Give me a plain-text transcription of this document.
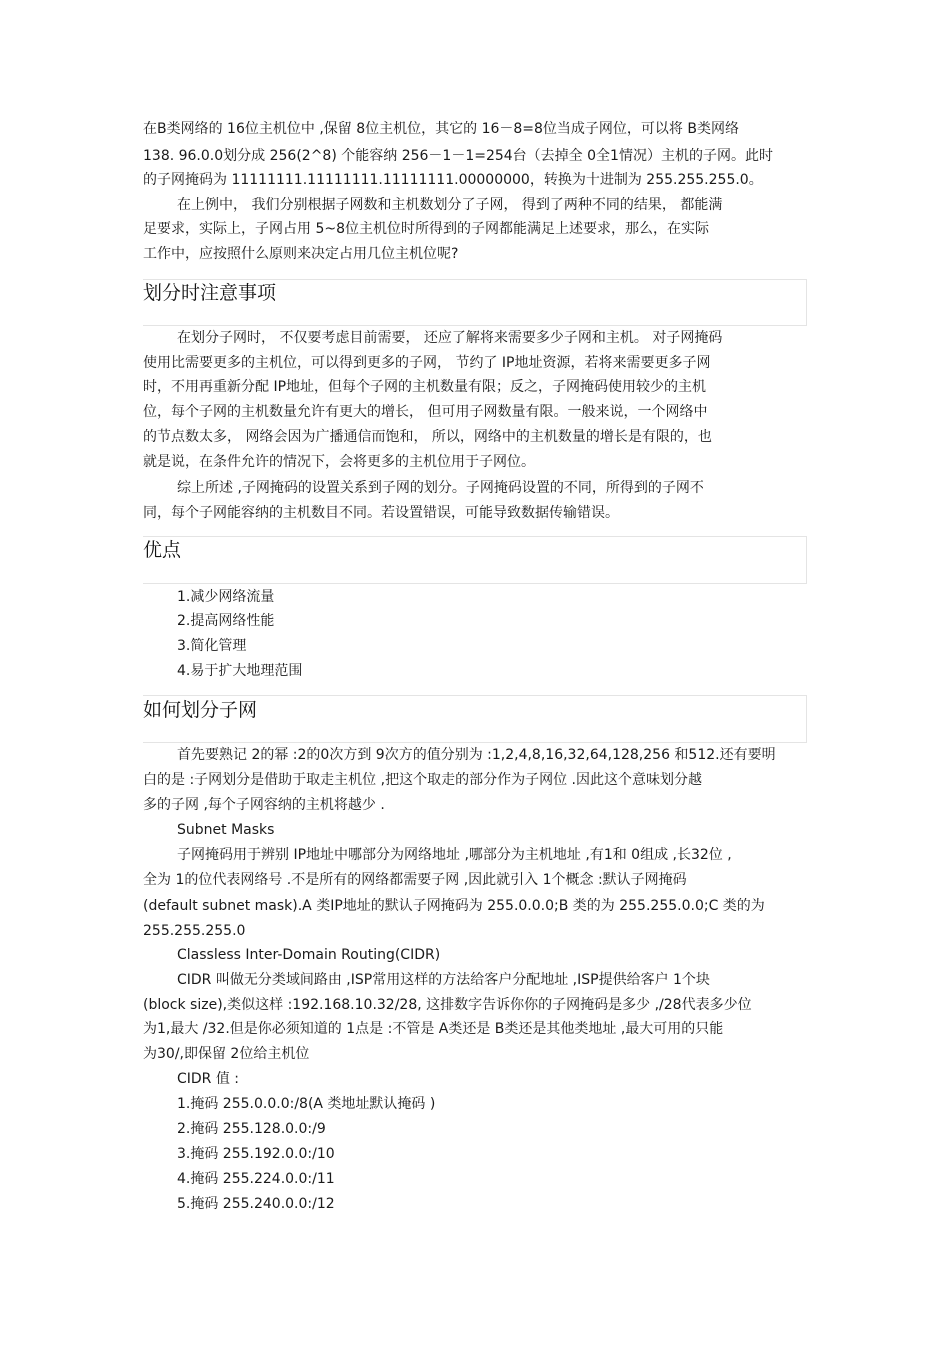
在B类网络的 16位主机位中 ,保留 8位主机位，其它的 16－8=8位当成子网位，可以将 B类网络
138. 96.0.0划分成 256(2^8) 个能容纳 256－1－1=254台（去掉全 0全1情况）主机的子网。此时
的子网掩码为 11111111.11111111.11111111.00000000，转换为十进制为 255.255.255.0。
在上例中， 我们分别根据子网数和主机数划分了子网， 得到了两种不同的结果， 都能满
足要求，实际上，子网占用 5~8位主机位时所得到的子网都能满足上述要求，那么，在实际
工作中，应按照什么原则来决定占用几位主机位呢?
划分时注意事项
在划分子网时， 不仅要考虑目前需要， 还应了解将来需要多少子网和主机。 对子网掩码
使用比需要更多的主机位，可以得到更多的子网， 节约了 IP地址资源，若将来需要更多子网
时，不用再重新分配 IP地址，但每个子网的主机数量有限；反之，子网掩码使用较少的主机
位，每个子网的主机数量允许有更大的增长， 但可用子网数量有限。一般来说，一个网络中
的节点数太多， 网络会因为广播通信而饱和， 所以，网络中的主机数量的增长是有限的，也
就是说，在条件允许的情况下，会将更多的主机位用于子网位。
综上所述 ,子网掩码的设置关系到子网的划分。子网掩码设置的不同，所得到的子网不
同，每个子网能容纳的主机数目不同。若设置错误，可能导致数据传输错误。
优点
1.减少网络流量
2.提高网络性能
3.简化管理
4.易于扩大地理范围
如何划分子网
首先要熟记 2的幂 :2的0次方到 9次方的值分别为 :1,2,4,8,16,32,64,128,256 和512.还有要明
白的是 :子网划分是借助于取走主机位 ,把这个取走的部分作为子网位 .因此这个意味划分越
多的子网 ,每个子网容纳的主机将越少 .
Subnet Masks
子网掩码用于辨别 IP地址中哪部分为网络地址 ,哪部分为主机地址 ,有1和 0组成 ,长32位 ,
全为 1的位代表网络号 .不是所有的网络都需要子网 ,因此就引入 1个概念 :默认子网掩码
(default subnet mask).A 类IP地址的默认子网掩码为 255.0.0.0;B 类的为 255.255.0.0;C 类的为
255.255.255.0
Classless Inter-Domain Routing(CIDR)
CIDR 叫做无分类域间路由 ,ISP常用这样的方法给客户分配地址 ,ISP提供给客户 1个块
(block size),类似这样 :192.168.10.32/28, 这排数字告诉你你的子网掩码是多少 ,/28代表多少位
为1,最大 /32.但是你必须知道的 1点是 :不管是 A类还是 B类还是其他类地址 ,最大可用的只能
为30/,即保留 2位给主机位
CIDR 值 :
1.掩码 255.0.0.0:/8(A 类地址默认掩码 )
2.掩码 255.128.0.0:/9
3.掩码 255.192.0.0:/10
4.掩码 255.224.0.0:/11
5.掩码 255.240.0.0:/12
